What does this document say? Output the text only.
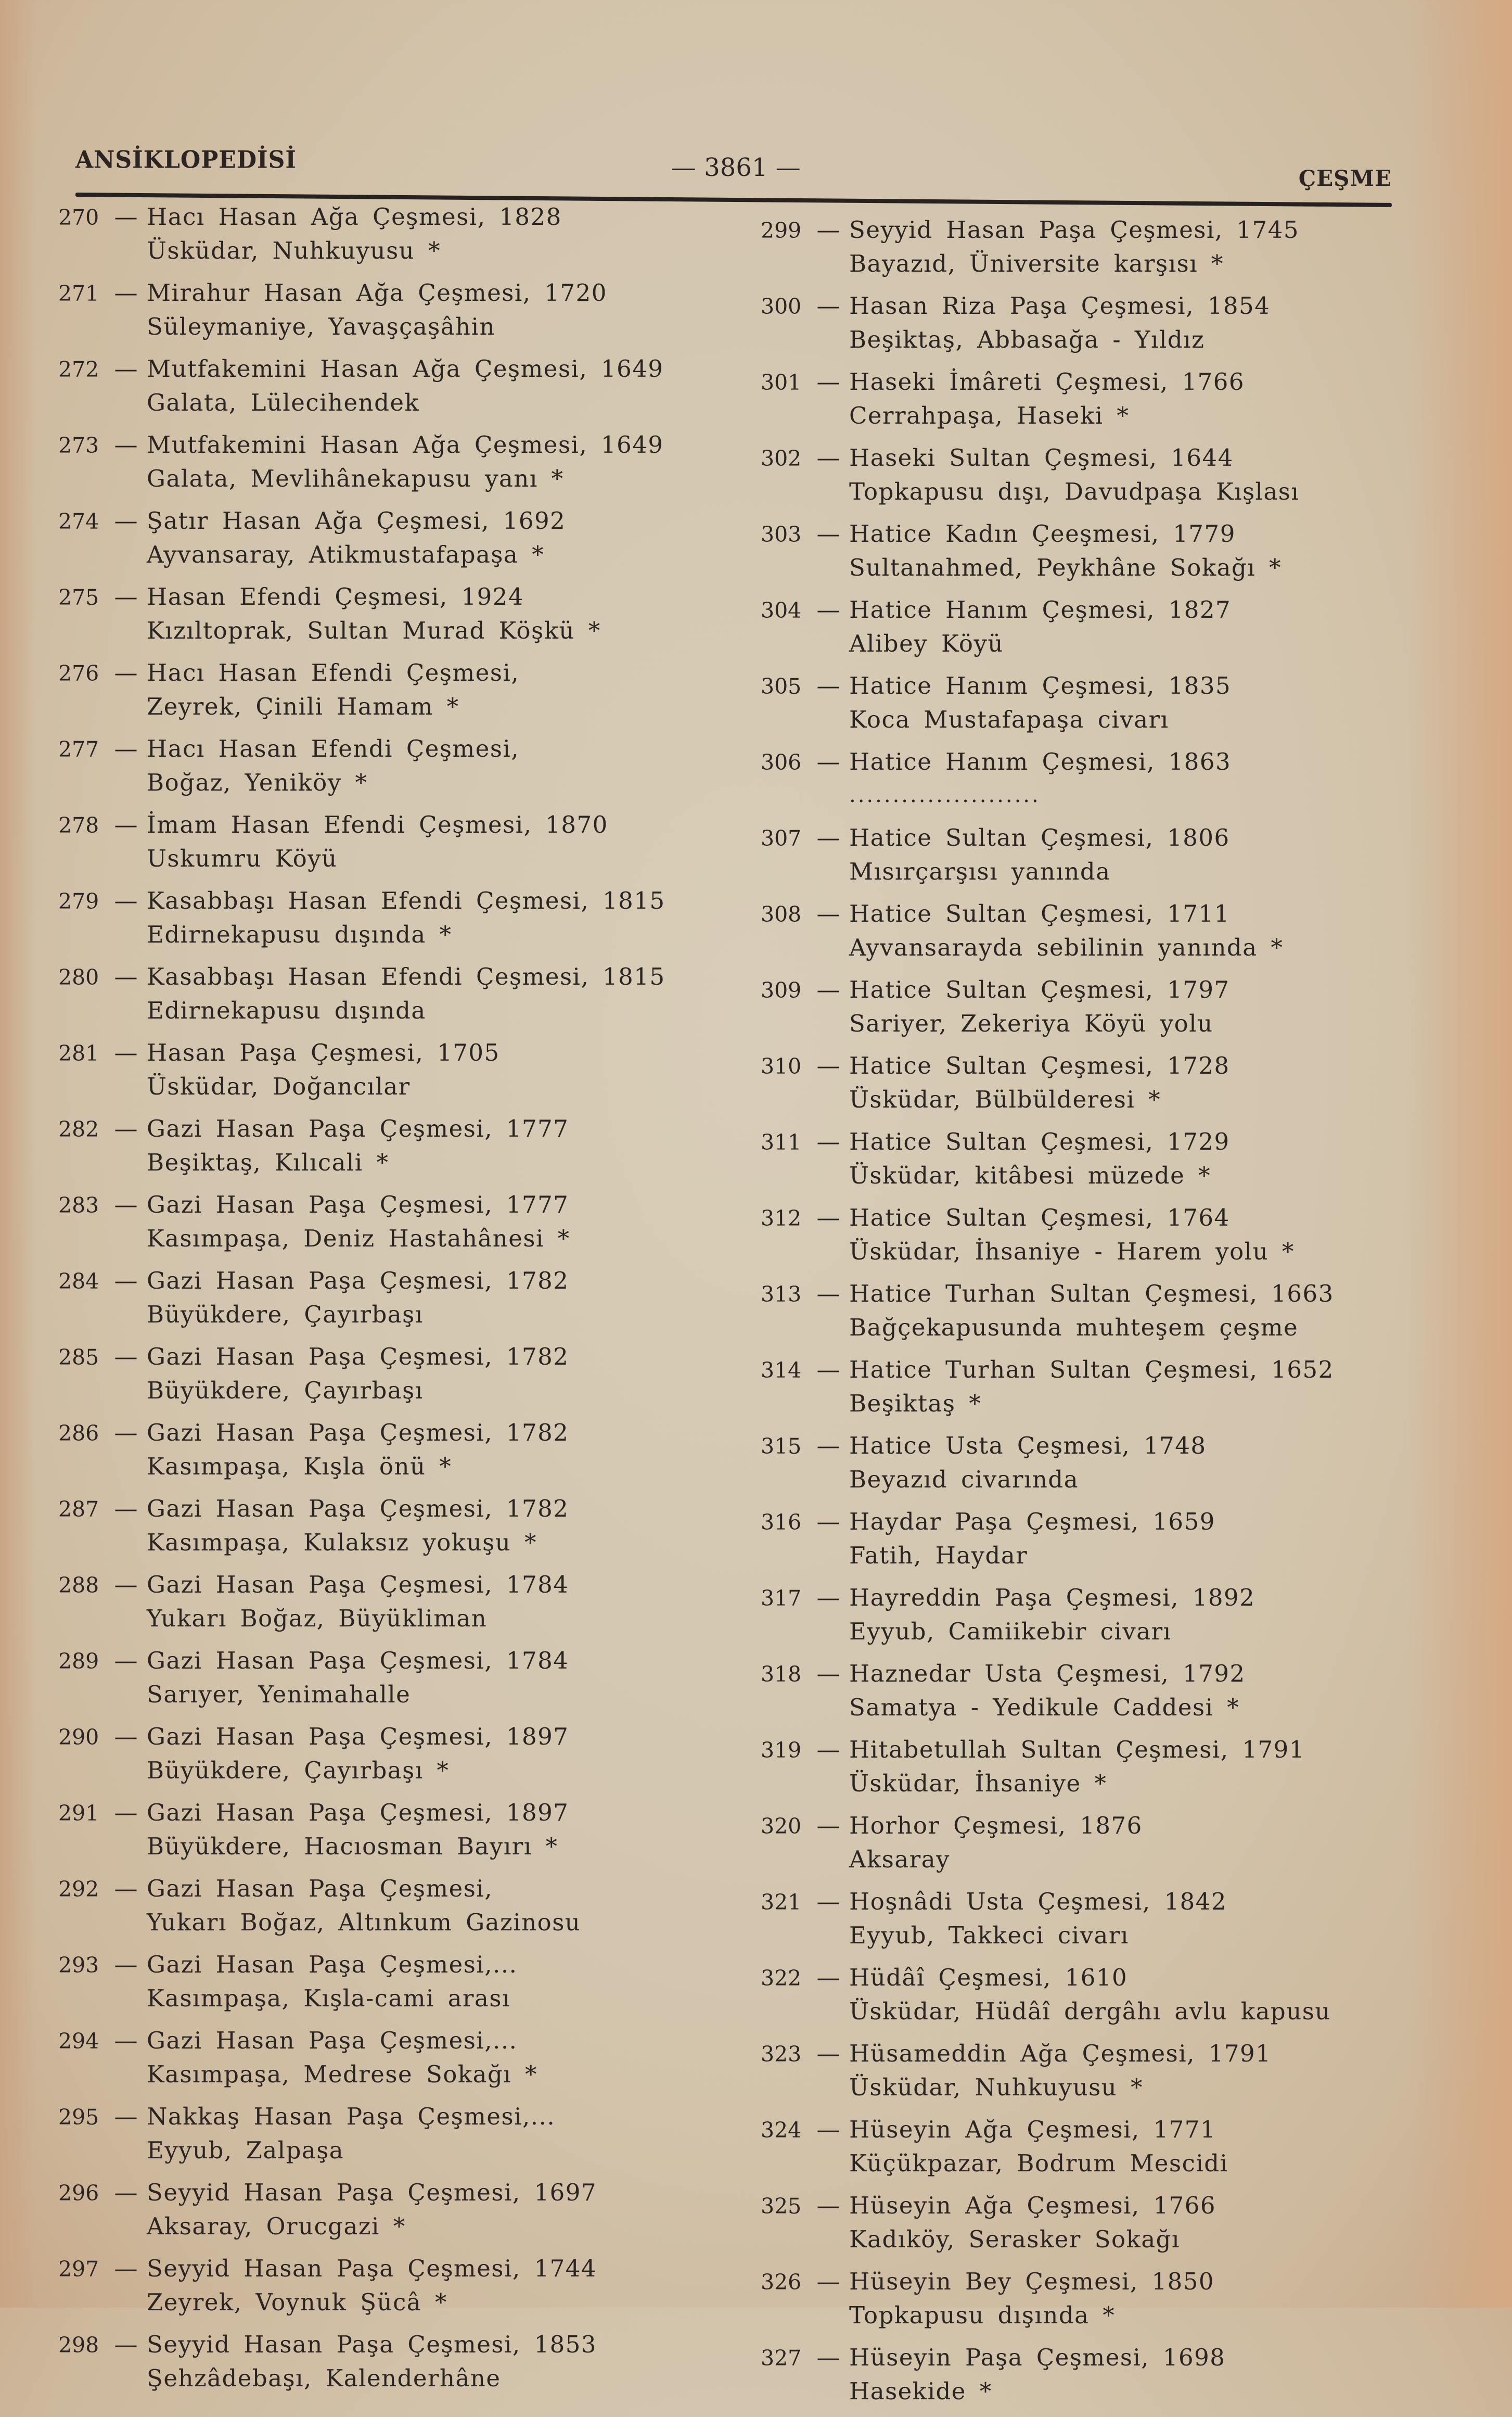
ANSİKLOPEDİSİ	— 3861 —	ÇEŞME
270 — Hacı Hasan Ağa Çeşmesi, 1828
Üsküdar, Nuhkuyusu *
271 — Mirahur Hasan Ağa Çeşmesi, 1720
Süleymaniye, Yavaşçaşâhin
272 — Mutfakemini Hasan Ağa Çeşmesi, 1649
Galata, Lülecihendek
273 — Mutfakemini Hasan Ağa Çeşmesi, 1649
Galata, Mevlihânekapusu yanı *
274 — Şatır Hasan Ağa Çeşmesi, 1692
Ayvansaray, Atikmustafapaşa *
275 — Hasan Efendi Çeşmesi, 1924
Kızıltoprak, Sultan Murad Köşkü *
276 — Hacı Hasan Efendi Çeşmesi,
Zeyrek, Çinili Hamam *
277 — Hacı Hasan Efendi Çeşmesi,
Boğaz, Yeniköy *
278 — İmam Hasan Efendi Çeşmesi, 1870
Uskumru Köyü
279 — Kasabbaşı Hasan Efendi Çeşmesi, 1815
Edirnekapusu dışında *
280 — Kasabbaşı Hasan Efendi Çeşmesi, 1815
Edirnekapusu dışında
281 — Hasan Paşa Çeşmesi, 1705
Üsküdar, Doğancılar
282 — Gazi Hasan Paşa Çeşmesi, 1777
Beşiktaş, Kılıcali *
283 — Gazi Hasan Paşa Çeşmesi, 1777
Kasımpaşa, Deniz Hastahânesi *
284 — Gazi Hasan Paşa Çeşmesi, 1782
Büyükdere, Çayırbaşı
285 — Gazi Hasan Paşa Çeşmesi, 1782
Büyükdere, Çayırbaşı
286 — Gazi Hasan Paşa Çeşmesi, 1782
Kasımpaşa, Kışla önü *
287 — Gazi Hasan Paşa Çeşmesi, 1782
Kasımpaşa, Kulaksız yokuşu *
288 — Gazi Hasan Paşa Çeşmesi, 1784
Yukarı Boğaz, Büyükliman
289 — Gazi Hasan Paşa Çeşmesi, 1784
Sarıyer, Yenimahalle
290 — Gazi Hasan Paşa Çeşmesi, 1897
Büyükdere, Çayırbaşı *
291 — Gazi Hasan Paşa Çeşmesi, 1897
Büyükdere, Hacıosman Bayırı *
292 — Gazi Hasan Paşa Çeşmesi,
Yukarı Boğaz, Altınkum Gazinosu
293 — Gazi Hasan Paşa Çeşmesi,...
Kasımpaşa, Kışla-cami arası
294 — Gazi Hasan Paşa Çeşmesi,...
Kasımpaşa, Medrese Sokağı *
295 — Nakkaş Hasan Paşa Çeşmesi,...
Eyyub, Zalpaşa
296 — Seyyid Hasan Paşa Çeşmesi, 1697
Aksaray, Orucgazi *
297 — Seyyid Hasan Paşa Çeşmesi, 1744
Zeyrek, Voynuk Şücâ *
298 — Seyyid Hasan Paşa Çeşmesi, 1853
Şehzâdebaşı, Kalenderhâne
299 — Seyyid Hasan Paşa Çeşmesi, 1745
Bayazıd, Üniversite karşısı *
300 — Hasan Riza Paşa Çeşmesi, 1854
Beşiktaş, Abbasağa - Yıldız
301 — Haseki İmâreti Çeşmesi, 1766
Cerrahpaşa, Haseki *
302 — Haseki Sultan Çeşmesi, 1644
Topkapusu dışı, Davudpaşa Kışlası
303 — Hatice Kadın Çeeşmesi, 1779
Sultanahmed, Peykhâne Sokağı *
304 — Hatice Hanım Çeşmesi, 1827
Alibey Köyü
305 — Hatice Hanım Çeşmesi, 1835
Koca Mustafapaşa civarı
306 — Hatice Hanım Çeşmesi, 1863
......................
307 — Hatice Sultan Çeşmesi, 1806
Mısırçarşısı yanında
308 — Hatice Sultan Çeşmesi, 1711
Ayvansarayda sebilinin yanında *
309 — Hatice Sultan Çeşmesi, 1797
Sariyer, Zekeriya Köyü yolu
310 — Hatice Sultan Çeşmesi, 1728
Üsküdar, Bülbülderesi *
311 — Hatice Sultan Çeşmesi, 1729
Üsküdar, kitâbesi müzede *
312 — Hatice Sultan Çeşmesi, 1764
Üsküdar, İhsaniye - Harem yolu *
313 — Hatice Turhan Sultan Çeşmesi, 1663
Bağçekapusunda muhteşem çeşme
314 — Hatice Turhan Sultan Çeşmesi, 1652
Beşiktaş *
315 — Hatice Usta Çeşmesi, 1748
Beyazıd civarında
316 — Haydar Paşa Çeşmesi, 1659
Fatih, Haydar
317 — Hayreddin Paşa Çeşmesi, 1892
Eyyub, Camiikebir civarı
318 — Haznedar Usta Çeşmesi, 1792
Samatya - Yedikule Caddesi *
319 — Hitabetullah Sultan Çeşmesi, 1791
Üsküdar, İhsaniye *
320 — Horhor Çeşmesi, 1876
Aksaray
321 — Hoşnâdi Usta Çeşmesi, 1842
Eyyub, Takkeci civarı
322 — Hüdâî Çeşmesi, 1610
Üsküdar, Hüdâî dergâhı avlu kapusu
323 — Hüsameddin Ağa Çeşmesi, 1791
Üsküdar, Nuhkuyusu *
324 — Hüseyin Ağa Çeşmesi, 1771
Küçükpazar, Bodrum Mescidi
325 — Hüseyin Ağa Çeşmesi, 1766
Kadıköy, Serasker Sokağı
326 — Hüseyin Bey Çeşmesi, 1850
Topkapusu dışında *
327 — Hüseyin Paşa Çeşmesi, 1698
Hasekide *
